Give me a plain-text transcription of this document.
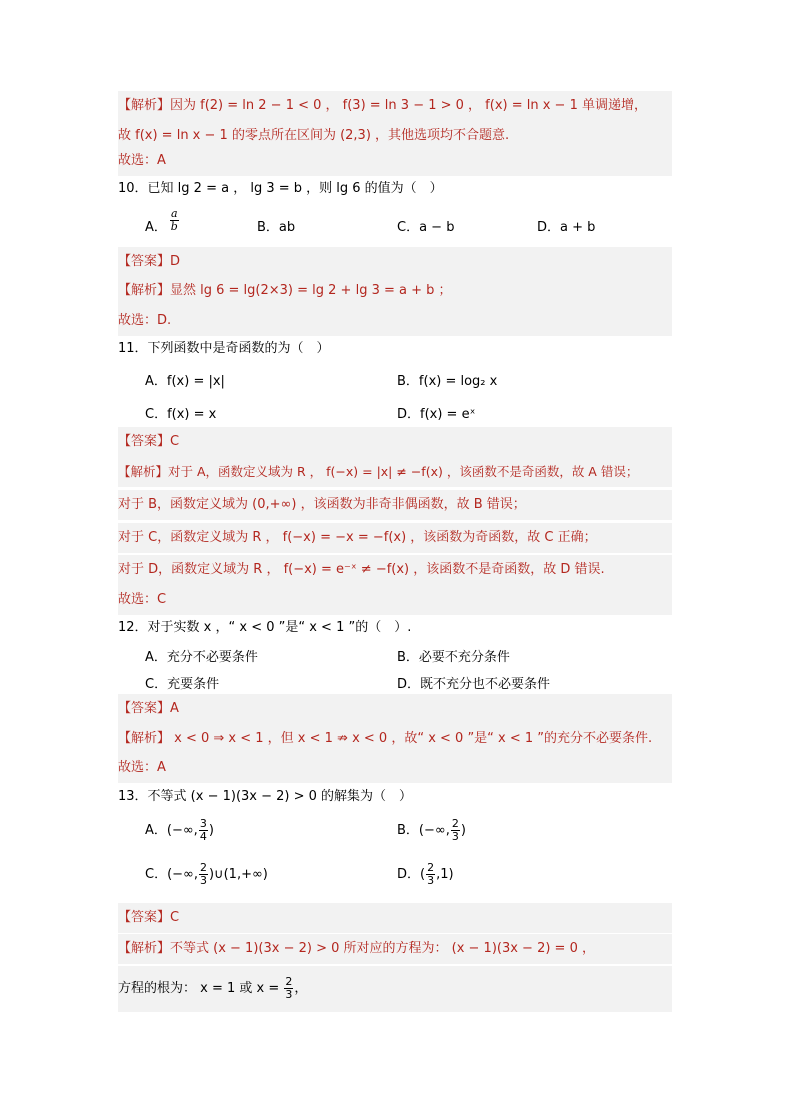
【解析】因为 f(2) = ln 2 − 1 < 0 ， f(3) = ln 3 − 1 > 0 ， f(x) = ln x − 1 单调递增，
故 f(x) = ln x − 1 的零点所在区间为 (2,3) ，其他选项均不合题意.
故选：A
10．已知 lg 2 = a ， lg 3 = b ，则 lg 6 的值为（　）
A． $\frac{a}{b}$	B．ab	C．a − b	D．a + b
【答案】D
【解析】显然 lg 6 = lg(2×3) = lg 2 + lg 3 = a + b ；
故选：D.
11．下列函数中是奇函数的为（　）
A．f(x) = |x|	B．f(x) = log₂ x
C．f(x) = x	D．f(x) = eˣ
【答案】C
【解析】对于 A，函数定义域为 R ， f(−x) = |x| ≠ −f(x) ，该函数不是奇函数，故 A 错误；
对于 B，函数定义域为 (0,+∞) ，该函数为非奇非偶函数，故 B 错误；
对于 C，函数定义域为 R ， f(−x) = −x = −f(x) ，该函数为奇函数，故 C 正确；
对于 D，函数定义域为 R ， f(−x) = e⁻ˣ ≠ −f(x) ，该函数不是奇函数，故 D 错误.
故选：C
12．对于实数 x ，“ x < 0 ”是“ x < 1 ”的（　）.
A．充分不必要条件	B．必要不充分条件
C．充要条件	D．既不充分也不必要条件
【答案】A
【解析】 x < 0 ⇒ x < 1 ，但 x < 1 ⇏ x < 0 ，故“ x < 0 ”是“ x < 1 ”的充分不必要条件.
故选：A
13．不等式 (x − 1)(3x − 2) > 0 的解集为（　）
A．(−∞, $\frac{3}{4}$ )	B．(−∞, $\frac{2}{3}$ )
C．(−∞, $\frac{2}{3}$ )∪(1,+∞)	D．( $\frac{2}{3} ,1$)
【答案】C
【解析】不等式 (x − 1)(3x − 2) > 0 所对应的方程为： (x − 1)(3x − 2) = 0 ，
方程的根为： x = 1 或 $x = \frac{2}{3}$ ，
